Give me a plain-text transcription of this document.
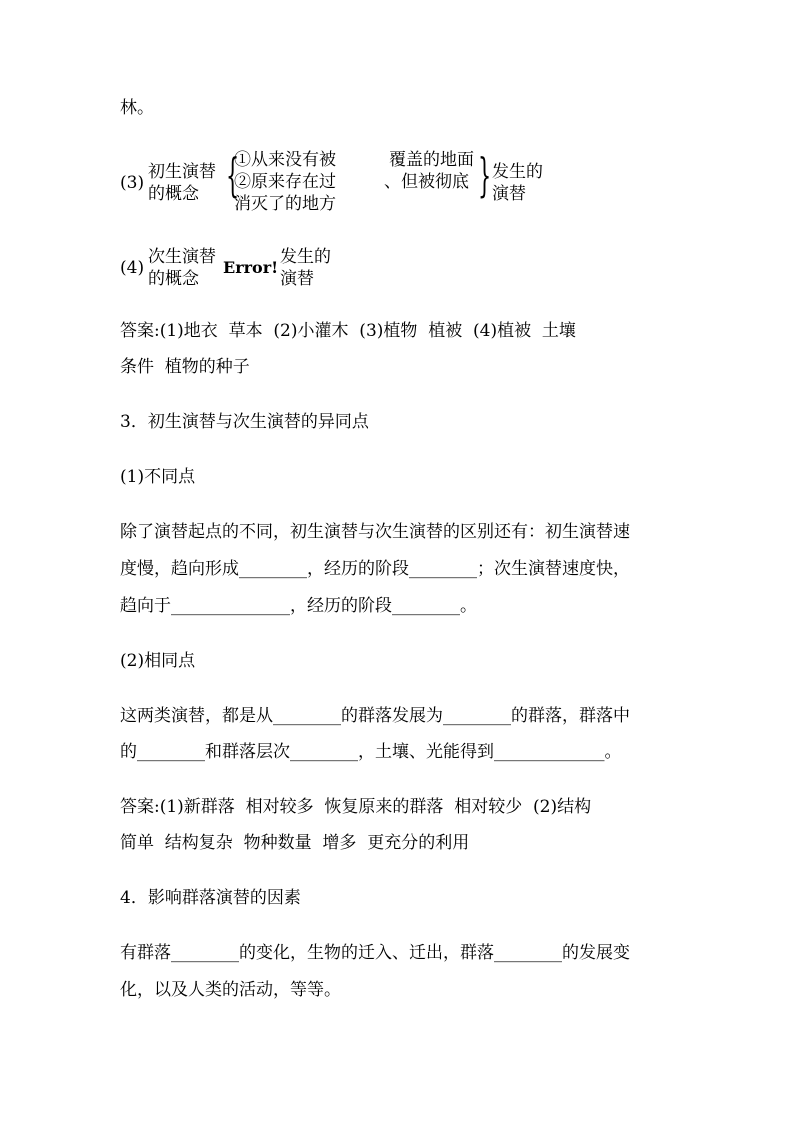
林。
(3)
初生演替
的概念 {
①从来没有被
②原来存在过
消灭了的地方
覆盖的地面
、但被彻底 } 发生的
演替
(4)
次生演替
的概念
Error!
发生的
演替
答案:(1)地衣  草本  (2)小灌木  (3)植物  植被  (4)植被  土壤
条件  植物的种子
3．初生演替与次生演替的异同点
(1)不同点
除了演替起点的不同，初生演替与次生演替的区别还有：初生演替速
度慢，趋向形成________，经历的阶段________；次生演替速度快，
趋向于______________，经历的阶段________。
(2)相同点
这两类演替，都是从________的群落发展为________的群落，群落中
的________和群落层次________，土壤、光能得到_____________。
答案:(1)新群落  相对较多  恢复原来的群落  相对较少  (2)结构
简单  结构复杂  物种数量  增多  更充分的利用
4．影响群落演替的因素
有群落________的变化，生物的迁入、迁出，群落________的发展变
化，以及人类的活动，等等。
